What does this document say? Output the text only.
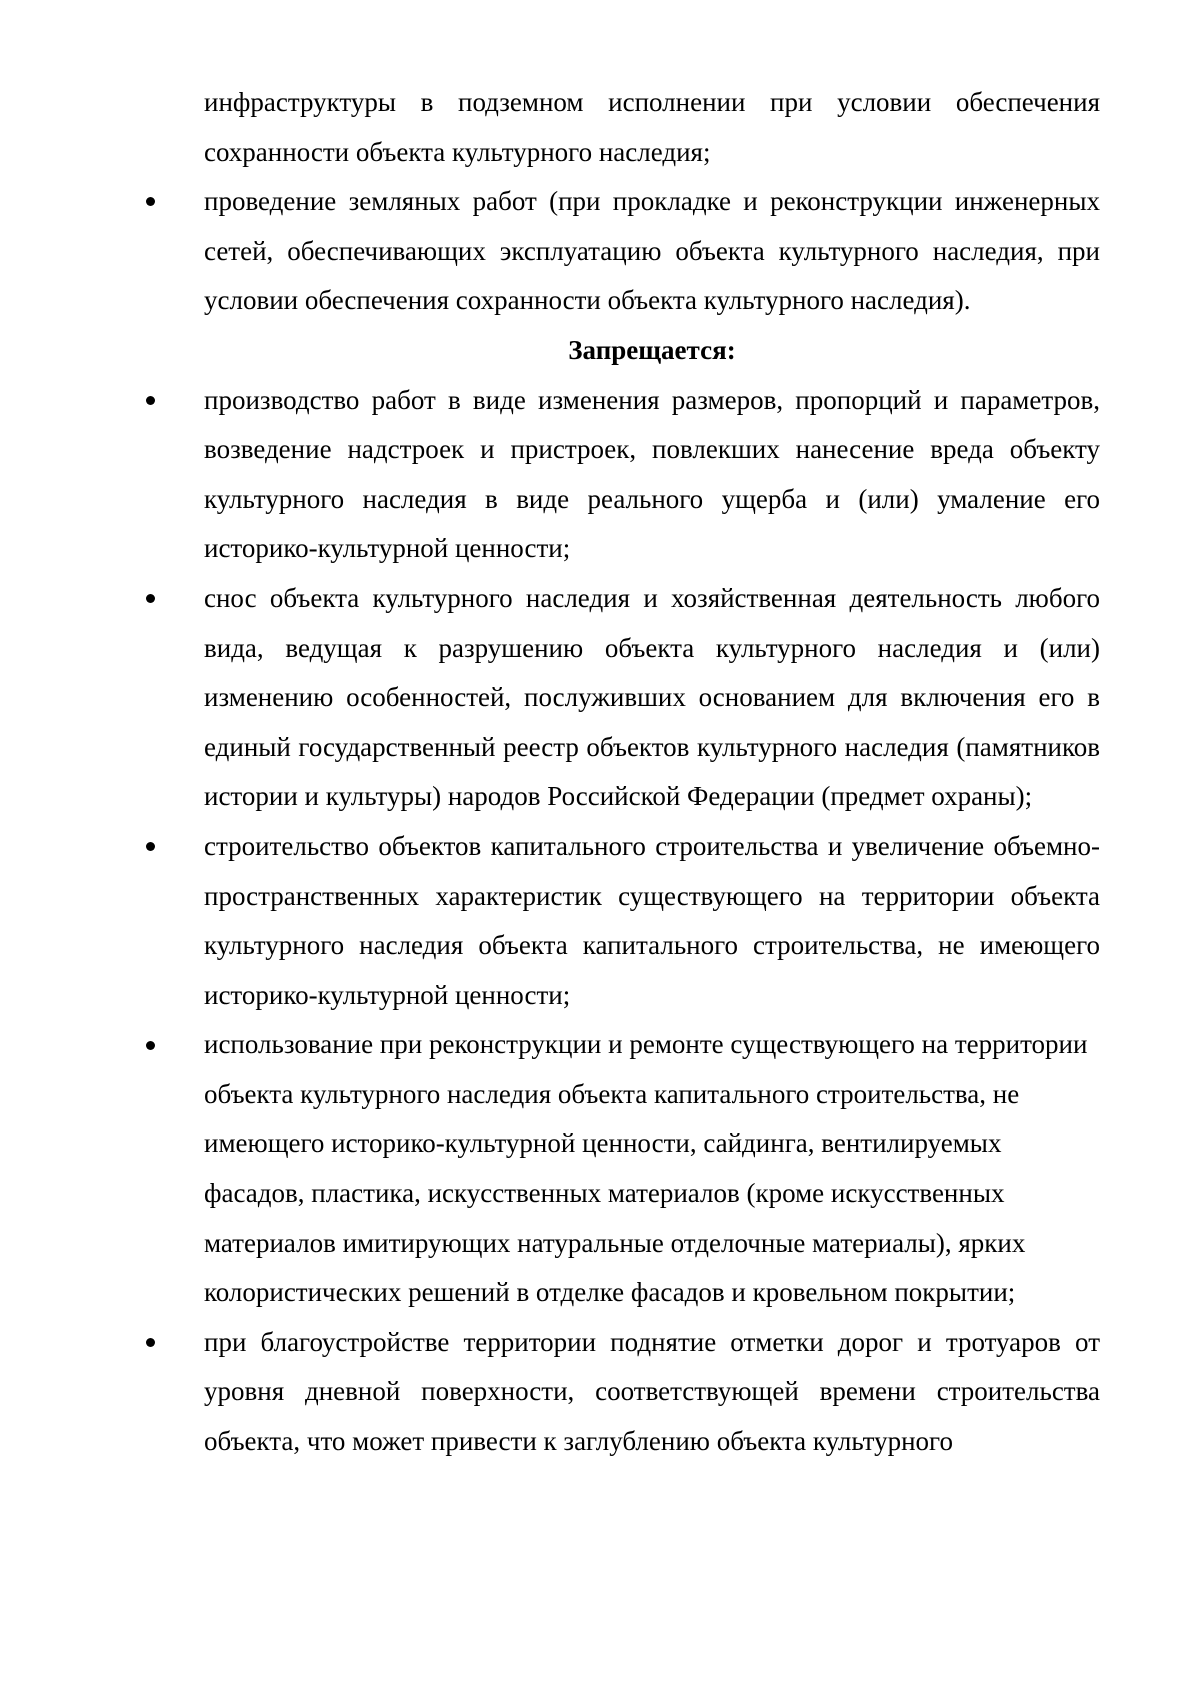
инфраструктуры в подземном исполнении при условии обеспечения сохранности объекта культурного наследия;

проведение земляных работ (при прокладке и реконструкции инженерных сетей, обеспечивающих эксплуатацию объекта культурного наследия, при условии обеспечения сохранности объекта культурного наследия).

Запрещается:

производство работ в виде изменения размеров, пропорций и параметров, возведение надстроек и пристроек, повлекших нанесение вреда объекту культурного наследия в виде реального ущерба и (или) умаление его историко-культурной ценности;

снос объекта культурного наследия и хозяйственная деятельность любого вида, ведущая к разрушению объекта культурного наследия и (или) изменению особенностей, послуживших основанием для включения его в единый государственный реестр объектов культурного наследия (памятников истории и культуры) народов Российской Федерации (предмет охраны);

строительство объектов капитального строительства и увеличение объемно-пространственных характеристик существующего на территории объекта культурного наследия объекта капитального строительства, не имеющего историко-культурной ценности;

использование при реконструкции и ремонте существующего на территории объекта культурного наследия объекта капитального строительства, не имеющего историко-культурной ценности, сайдинга, вентилируемых фасадов, пластика, искусственных материалов (кроме искусственных материалов имитирующих натуральные отделочные материалы), ярких колористических решений в отделке фасадов и кровельном покрытии;

при благоустройстве территории поднятие отметки дорог и тротуаров от уровня дневной поверхности, соответствующей времени строительства объекта, что может привести к заглублению объекта культурного
